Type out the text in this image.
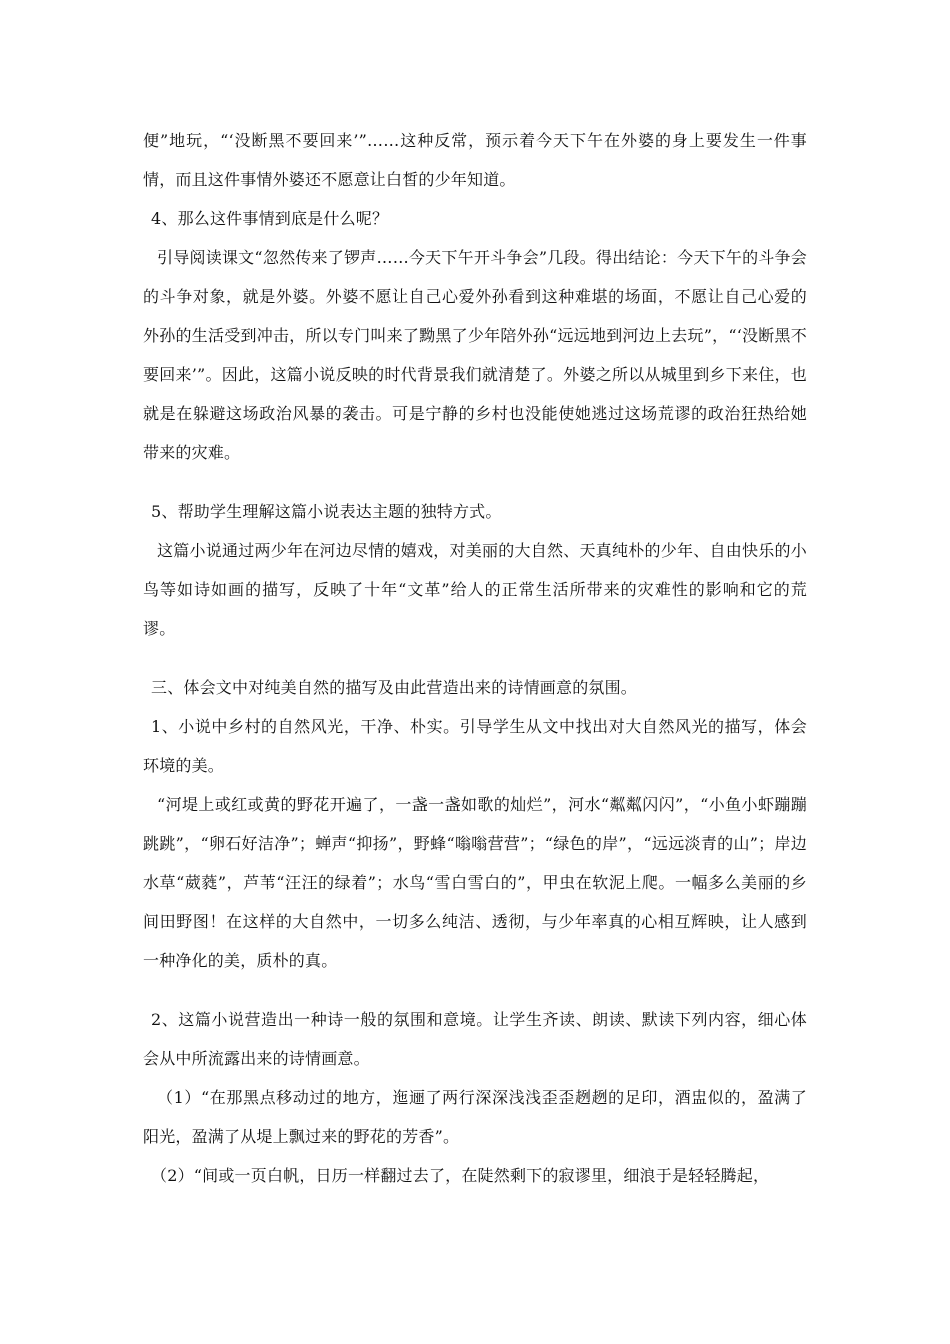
便”地玩，“‘没断黑不要回来’”……这种反常，预示着今天下午在外婆的身上要发生一件事情，而且这件事情外婆还不愿意让白皙的少年知道。

4、那么这件事情到底是什么呢？

引导阅读课文“忽然传来了锣声……今天下午开斗争会”几段。得出结论：今天下午的斗争会的斗争对象，就是外婆。外婆不愿让自己心爱外孙看到这种难堪的场面，不愿让自己心爱的外孙的生活受到冲击，所以专门叫来了黝黑了少年陪外孙“远远地到河边上去玩”，“‘没断黑不要回来’”。因此，这篇小说反映的时代背景我们就清楚了。外婆之所以从城里到乡下来住，也就是在躲避这场政治风暴的袭击。可是宁静的乡村也没能使她逃过这场荒谬的政治狂热给她带来的灾难。

5、帮助学生理解这篇小说表达主题的独特方式。

这篇小说通过两少年在河边尽情的嬉戏，对美丽的大自然、天真纯朴的少年、自由快乐的小鸟等如诗如画的描写，反映了十年“文革”给人的正常生活所带来的灾难性的影响和它的荒谬。

三、体会文中对纯美自然的描写及由此营造出来的诗情画意的氛围。

1、小说中乡村的自然风光，干净、朴实。引导学生从文中找出对大自然风光的描写，体会环境的美。

“河堤上或红或黄的野花开遍了，一盏一盏如歌的灿烂”，河水“粼粼闪闪”，“小鱼小虾蹦蹦跳跳”，“卵石好洁净”；蝉声“抑扬”，野蜂“嗡嗡营营”；“绿色的岸”，“远远淡青的山”；岸边水草“葳蕤”，芦苇“汪汪的绿着”；水鸟“雪白雪白的”，甲虫在软泥上爬。一幅多么美丽的乡间田野图！在这样的大自然中，一切多么纯洁、透彻，与少年率真的心相互辉映，让人感到一种净化的美，质朴的真。

2、这篇小说营造出一种诗一般的氛围和意境。让学生齐读、朗读、默读下列内容，细心体会从中所流露出来的诗情画意。

（1）“在那黑点移动过的地方，迤逦了两行深深浅浅歪歪趔趔的足印，酒盅似的，盈满了阳光，盈满了从堤上飘过来的野花的芳香”。

（2）“间或一页白帆，日历一样翻过去了，在陡然剩下的寂谬里，细浪于是轻轻腾起，
